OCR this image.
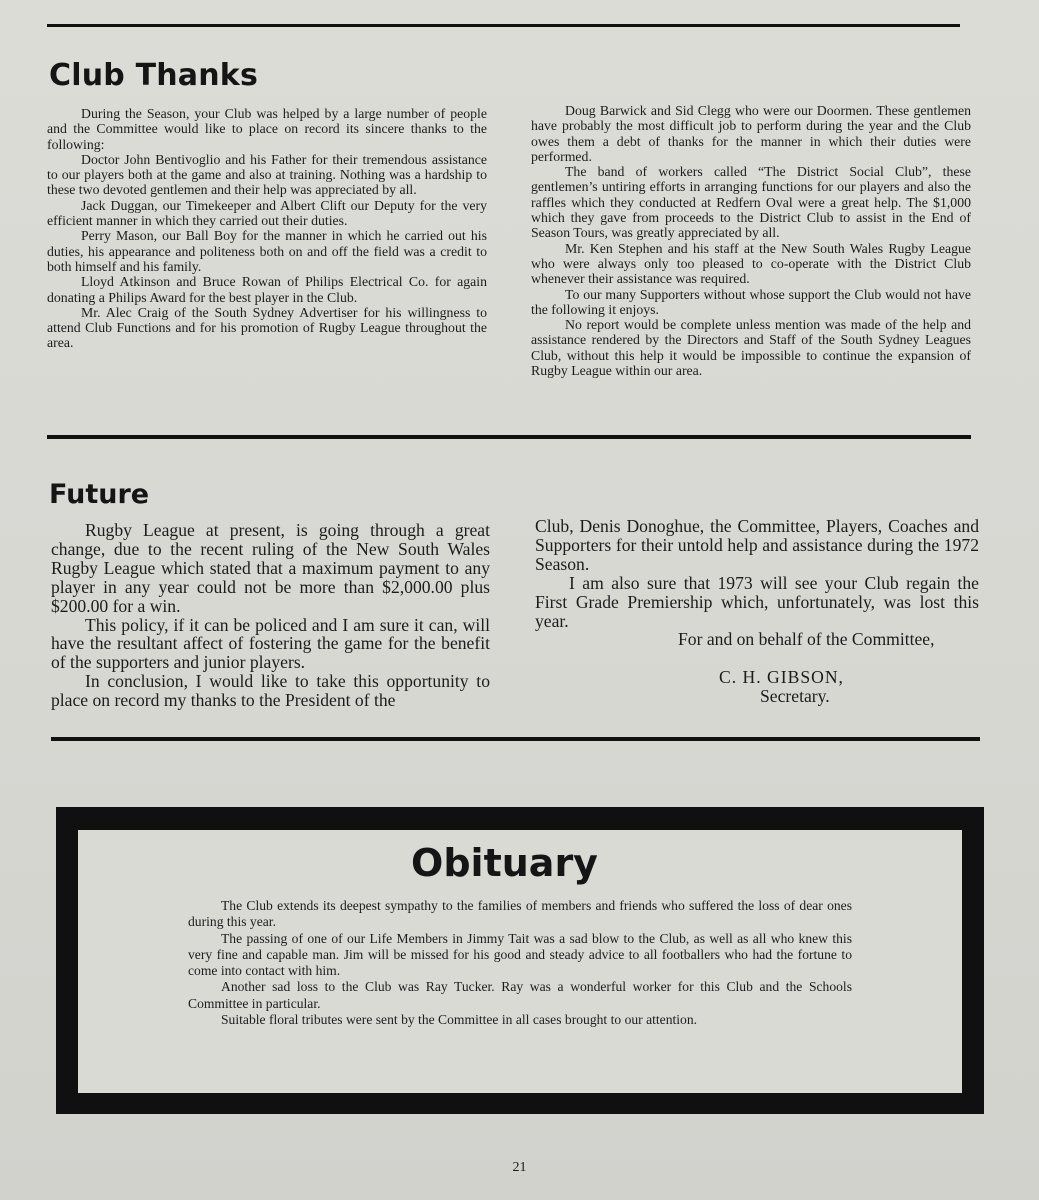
Club Thanks

During the Season, your Club was helped by a large number of people and the Committee would like to place on record its sincere thanks to the following:

Doctor John Bentivoglio and his Father for their tremendous assistance to our players both at the game and also at training. Nothing was a hardship to these two devoted gentlemen and their help was appreciated by all.

Jack Duggan, our Timekeeper and Albert Clift our Deputy for the very efficient manner in which they carried out their duties.

Perry Mason, our Ball Boy for the manner in which he carried out his duties, his appearance and politeness both on and off the field was a credit to both himself and his family.

Lloyd Atkinson and Bruce Rowan of Philips Electrical Co. for again donating a Philips Award for the best player in the Club.

Mr. Alec Craig of the South Sydney Advertiser for his willingness to attend Club Functions and for his promotion of Rugby League throughout the area.

Doug Barwick and Sid Clegg who were our Doormen. These gentlemen have probably the most difficult job to perform during the year and the Club owes them a debt of thanks for the manner in which their duties were performed.

The band of workers called “The District Social Club”, these gentlemen’s untiring efforts in arranging functions for our players and also the raffles which they conducted at Redfern Oval were a great help. The $1,000 which they gave from proceeds to the District Club to assist in the End of Season Tours, was greatly appreciated by all.

Mr. Ken Stephen and his staff at the New South Wales Rugby League who were always only too pleased to co-operate with the District Club whenever their assistance was required.

To our many Supporters without whose support the Club would not have the following it enjoys.

No report would be complete unless mention was made of the help and assistance rendered by the Directors and Staff of the South Sydney Leagues Club, without this help it would be impossible to continue the expansion of Rugby League within our area.

Future

Rugby League at present, is going through a great change, due to the recent ruling of the New South Wales Rugby League which stated that a maximum payment to any player in any year could not be more than $2,000.00 plus $200.00 for a win.

This policy, if it can be policed and I am sure it can, will have the resultant affect of fostering the game for the benefit of the supporters and junior players.

In conclusion, I would like to take this opportunity to place on record my thanks to the President of the

Club, Denis Donoghue, the Committee, Players, Coaches and Supporters for their untold help and assistance during the 1972 Season.

I am also sure that 1973 will see your Club regain the First Grade Premiership which, unfortunately, was lost this year.

For and on behalf of the Committee,
C. H. GIBSON,
Secretary.
Obituary

The Club extends its deepest sympathy to the families of members and friends who suffered the loss of dear ones during this year.

The passing of one of our Life Members in Jimmy Tait was a sad blow to the Club, as well as all who knew this very fine and capable man. Jim will be missed for his good and steady advice to all footballers who had the fortune to come into contact with him.

Another sad loss to the Club was Ray Tucker. Ray was a wonderful worker for this Club and the Schools Committee in particular.

Suitable floral tributes were sent by the Committee in all cases brought to our attention.

21
